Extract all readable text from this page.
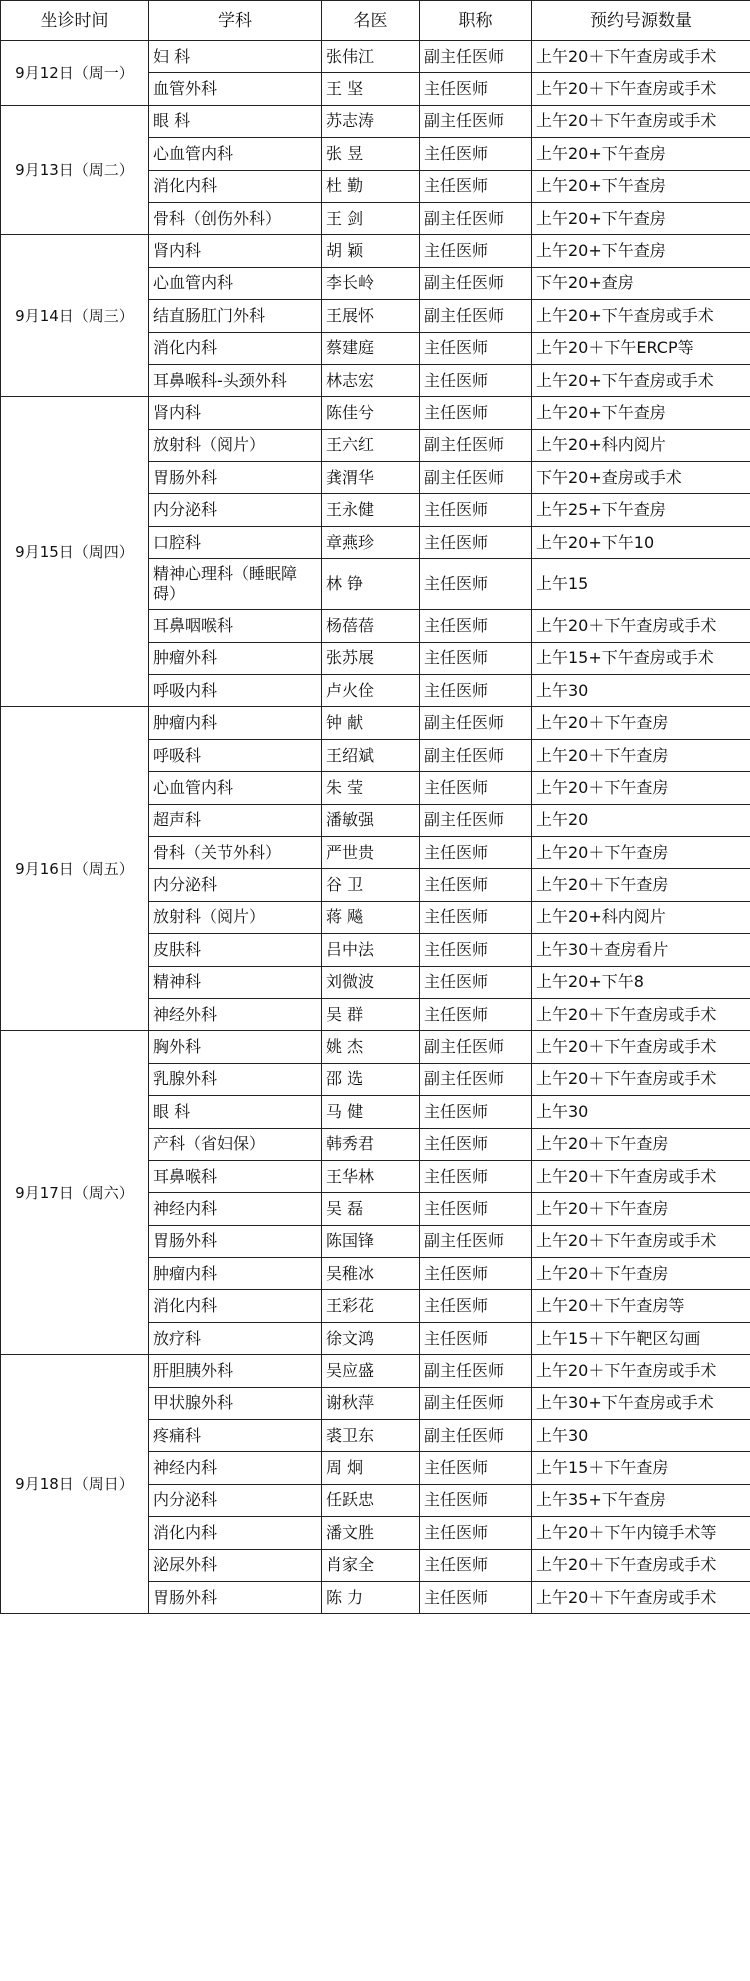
坐诊时间	学科	名医	职称	预约号源数量
9月12日（周一）	妇 科	张伟江	副主任医师	上午20＋下午查房或手术
	血管外科	王 坚	主任医师	上午20＋下午查房或手术
9月13日（周二）	眼 科	苏志涛	副主任医师	上午20＋下午查房或手术
	心血管内科	张 昱	主任医师	上午20+下午查房
	消化内科	杜 勤	主任医师	上午20+下午查房
	骨科（创伤外科）	王 剑	副主任医师	上午20+下午查房
9月14日（周三）	肾内科	胡 颖	主任医师	上午20+下午查房
	心血管内科	李长岭	副主任医师	下午20+查房
	结直肠肛门外科	王展怀	副主任医师	上午20+下午查房或手术
	消化内科	蔡建庭	主任医师	上午20＋下午ERCP等
	耳鼻喉科-头颈外科	林志宏	主任医师	上午20+下午查房或手术
9月15日（周四）	肾内科	陈佳兮	主任医师	上午20+下午查房
	放射科（阅片）	王六红	副主任医师	上午20+科内阅片
	胃肠外科	龚渭华	副主任医师	下午20+查房或手术
	内分泌科	王永健	主任医师	上午25+下午查房
	口腔科	章燕珍	主任医师	上午20+下午10
	精神心理科（睡眠障碍）	林 铮	主任医师	上午15
	耳鼻咽喉科	杨蓓蓓	主任医师	上午20＋下午查房或手术
	肿瘤外科	张苏展	主任医师	上午15+下午查房或手术
	呼吸内科	卢火佺	主任医师	上午30
9月16日（周五）	肿瘤内科	钟 献	副主任医师	上午20＋下午查房
	呼吸科	王绍斌	副主任医师	上午20＋下午查房
	心血管内科	朱 莹	主任医师	上午20＋下午查房
	超声科	潘敏强	副主任医师	上午20
	骨科（关节外科）	严世贵	主任医师	上午20＋下午查房
	内分泌科	谷 卫	主任医师	上午20＋下午查房
	放射科（阅片）	蒋 飚	主任医师	上午20+科内阅片
	皮肤科	吕中法	主任医师	上午30＋查房看片
	精神科	刘微波	主任医师	上午20+下午8
	神经外科	吴 群	主任医师	上午20＋下午查房或手术
9月17日（周六）	胸外科	姚 杰	副主任医师	上午20＋下午查房或手术
	乳腺外科	邵 选	副主任医师	上午20＋下午查房或手术
	眼 科	马 健	主任医师	上午30
	产科（省妇保）	韩秀君	主任医师	上午20＋下午查房
	耳鼻喉科	王华林	主任医师	上午20＋下午查房或手术
	神经内科	吴 磊	主任医师	上午20＋下午查房
	胃肠外科	陈国锋	副主任医师	上午20＋下午查房或手术
	肿瘤内科	吴稚冰	主任医师	上午20＋下午查房
	消化内科	王彩花	主任医师	上午20＋下午查房等
	放疗科	徐文鸿	主任医师	上午15＋下午靶区勾画
9月18日（周日）	肝胆胰外科	吴应盛	副主任医师	上午20＋下午查房或手术
	甲状腺外科	谢秋萍	副主任医师	上午30+下午查房或手术
	疼痛科	裘卫东	副主任医师	上午30
	神经内科	周 炯	主任医师	上午15＋下午查房
	内分泌科	任跃忠	主任医师	上午35+下午查房
	消化内科	潘文胜	主任医师	上午20＋下午内镜手术等
	泌尿外科	肖家全	主任医师	上午20＋下午查房或手术
	胃肠外科	陈 力	主任医师	上午20＋下午查房或手术
